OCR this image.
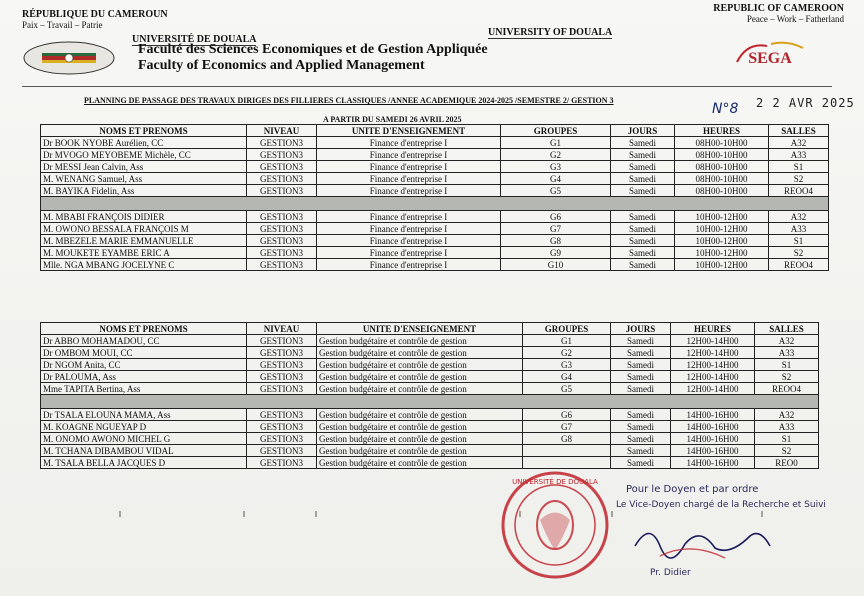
RÉPUBLIQUE DU CAMEROUN
Paix – Travail – Patrie
REPUBLIC OF CAMEROON
Peace – Work – Fatherland
UNIVERSITÉ DE DOUALA
UNIVERSITY OF DOUALA
Faculté des Sciences Economiques et de Gestion Appliquée
Faculty of Economics and Applied Management	SEGA
PLANNING DE PASSAGE DES TRAVAUX DIRIGES DES FILLIERES CLASSIQUES /ANNEE ACADEMIQUE 2024-2025 /SEMESTRE 2/ GESTION 3
N°8 2 2 AVR 2025
A PARTIR DU SAMEDI 26 AVRIL 2025
NOMS ET PRENOMS	NIVEAU	UNITE D'ENSEIGNEMENT	GROUPES	JOURS	HEURES	SALLES
Dr BOOK NYOBE Aurélien, CC	GESTION3	Finance d'entreprise I	G1	Samedi	08H00-10H00	A32
Dr MVOGO MEYOBEME Michèle, CC	GESTION3	Finance d'entreprise I	G2	Samedi	08H00-10H00	A33
Dr MESSI Jean Calvin, Ass	GESTION3	Finance d'entreprise I	G3	Samedi	08H00-10H00	S1
M. WENANG Samuel, Ass	GESTION3	Finance d'entreprise I	G4	Samedi	08H00-10H00	S2
M. BAYIKA Fidelin, Ass	GESTION3	Finance d'entreprise I	G5	Samedi	08H00-10H00	REOO4

M. MBABI FRANÇOIS DIDIER	GESTION3	Finance d'entreprise I	G6	Samedi	10H00-12H00	A32
M. OWONO BESSALA FRANÇOIS M	GESTION3	Finance d'entreprise I	G7	Samedi	10H00-12H00	A33
M. MBEZELE MARIE EMMANUELLE	GESTION3	Finance d'entreprise I	G8	Samedi	10H00-12H00	S1
M. MOUKETE EYAMBE ERIC A	GESTION3	Finance d'entreprise I	G9	Samedi	10H00-12H00	S2
Mlle. NGA MBANG JOCELYNE C	GESTION3	Finance d'entreprise I	G10	Samedi	10H00-12H00	REOO4
NOMS ET PRENOMS	NIVEAU	UNITE D'ENSEIGNEMENT	GROUPES	JOURS	HEURES	SALLES
Dr ABBO MOHAMADOU, CC	GESTION3	Gestion budgétaire et contrôle de gestion	G1	Samedi	12H00-14H00	A32
Dr OMBOM MOUI, CC	GESTION3	Gestion budgétaire et contrôle de gestion	G2	Samedi	12H00-14H00	A33
Dr NGOM Anita, CC	GESTION3	Gestion budgétaire et contrôle de gestion	G3	Samedi	12H00-14H00	S1
Dr PALOUMA, Ass	GESTION3	Gestion budgétaire et contrôle de gestion	G4	Samedi	12H00-14H00	S2
Mme TAPITA Bertina, Ass	GESTION3	Gestion budgétaire et contrôle de gestion	G5	Samedi	12H00-14H00	REOO4

Dr TSALA ELOUNA MAMA, Ass	GESTION3	Gestion budgétaire et contrôle de gestion	G6	Samedi	14H00-16H00	A32
M. KOAGNE NGUEYAP D	GESTION3	Gestion budgétaire et contrôle de gestion	G7	Samedi	14H00-16H00	A33
M. ONOMO AWONO MICHEL G	GESTION3	Gestion budgétaire et contrôle de gestion	G8	Samedi	14H00-16H00	S1
M. TCHANA DIBAMBOU VIDAL	GESTION3	Gestion budgétaire et contrôle de gestion		Samedi	14H00-16H00	S2
M. TSALA BELLA JACQUES D	GESTION3	Gestion budgétaire et contrôle de gestion		Samedi	14H00-16H00	REO0
UNIVERSITÉ DE DOUALA
Pour le Doyen et par ordre
Le Vice-Doyen chargé de la Recherche et Suivi
Pr. Didier
